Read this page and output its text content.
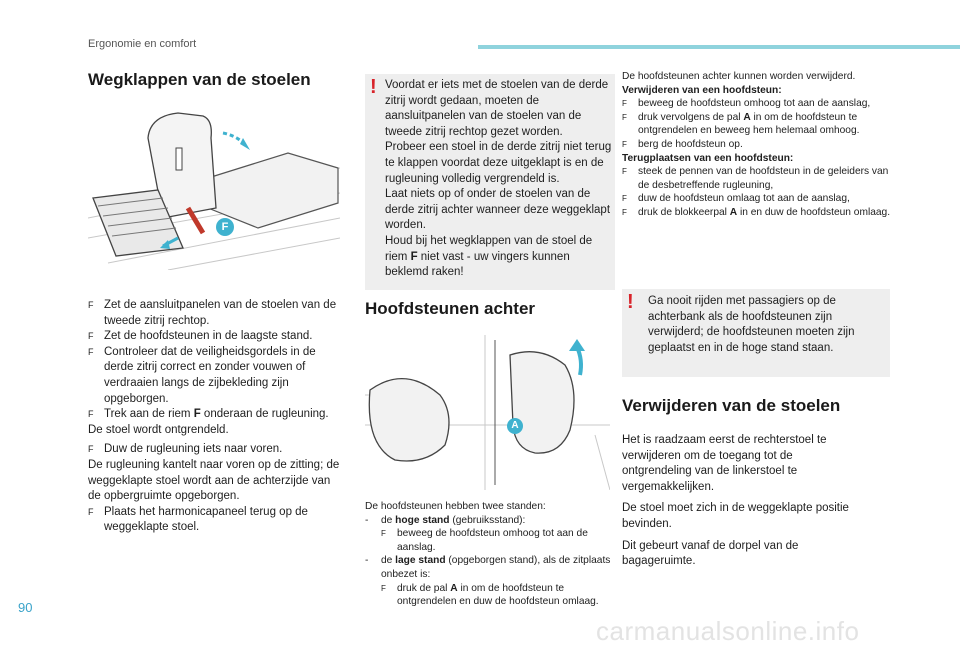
Ergonomie en comfort
Wegklappen van de stoelen
F
F Zet de aansluitpanelen van de stoelen van de tweede zitrij rechtop.
F Zet de hoofdsteunen in de laagste stand.
F Controleer dat de veiligheidsgordels in de derde zitrij correct en zonder vouwen of verdraaien langs de zijbekleding zijn opgeborgen.
F Trek aan de riem F onderaan de rugleuning.
De stoel wordt ontgrendeld.
F Duw de rugleuning iets naar voren.
De rugleuning kantelt naar voren op de zitting; de weggeklapte stoel wordt aan de achterzijde van de opbergruimte opgeborgen.
F Plaats het harmonicapaneel terug op de weggeklapte stoel.
! Voordat er iets met de stoelen van de derde zitrij wordt gedaan, moeten de aansluitpanelen van de stoelen van de tweede zitrij rechtop gezet worden.
Probeer een stoel in de derde zitrij niet terug te klappen voordat deze uitgeklapt is en de rugleuning volledig vergrendeld is.
Laat niets op of onder de stoelen van de derde zitrij achter wanneer deze weggeklapt worden.
Houd bij het wegklappen van de stoel de riem F niet vast - uw vingers kunnen beklemd raken!
Hoofdsteunen achter
A
De hoofdsteunen hebben twee standen:
- de hoge stand (gebruiksstand):
F beweeg de hoofdsteun omhoog tot aan de aanslag.
- de lage stand (opgeborgen stand), als de zitplaats onbezet is:
F druk de pal A in om de hoofdsteun te ontgrendelen en duw de hoofdsteun omlaag.
De hoofdsteunen achter kunnen worden verwijderd.
Verwijderen van een hoofdsteun:
F beweeg de hoofdsteun omhoog tot aan de aanslag,
F druk vervolgens de pal A in om de hoofdsteun te ontgrendelen en beweeg hem helemaal omhoog.
F berg de hoofdsteun op.
Terugplaatsen van een hoofdsteun:
F steek de pennen van de hoofdsteun in de geleiders van de desbetreffende rugleuning,
F duw de hoofdsteun omlaag tot aan de aanslag,
F druk de blokkeerpal A in en duw de hoofdsteun omlaag.
! Ga nooit rijden met passagiers op de achterbank als de hoofdsteunen zijn verwijderd; de hoofdsteunen moeten zijn geplaatst en in de hoge stand staan.
Verwijderen van de stoelen
Het is raadzaam eerst de rechterstoel te verwijderen om de toegang tot de ontgrendeling van de linkerstoel te vergemakkelijken.
De stoel moet zich in de weggeklapte positie bevinden.
Dit gebeurt vanaf de dorpel van de bagageruimte.
90
carmanualsonline.info
